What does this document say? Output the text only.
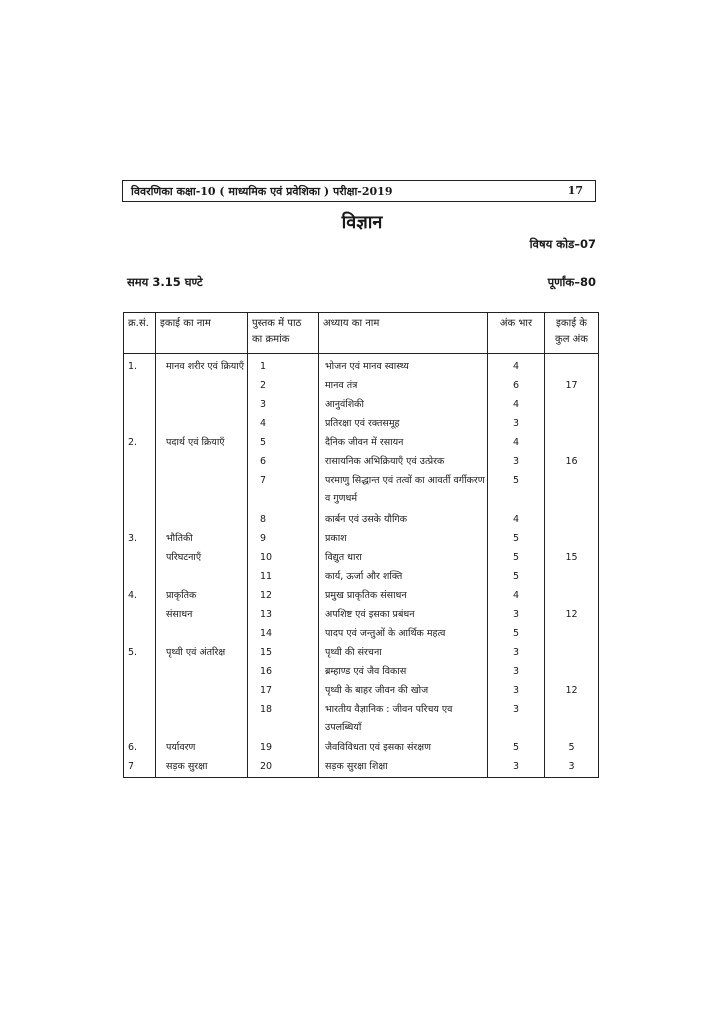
विवरणिका कक्षा-10 ( माध्यमिक एवं प्रवेशिका ) परीक्षा-2019	17
विज्ञान
विषय कोड–07
समय 3.15 घण्टे	पूर्णांक–80
क्र.सं.	इकाई का नाम	पुस्तक में पाठ का क्रमांक	अध्याय का नाम	अंक भार	इकाई के कुल अंक
1.	मानव शरीर एवं क्रियाएँ	1	भोजन एवं मानव स्वास्थ्य	4	
		2	मानव तंत्र	6	17
		3	आनुवंशिकी	4	
		4	प्रतिरक्षा एवं रक्तसमूह	3	
2.	पदार्थ एवं क्रियाएँ	5	दैनिक जीवन में रसायन	4	
		6	रासायनिक अभिक्रियाएँ एवं उत्प्रेरक	3	16
		7	परमाणु सिद्धान्त एवं तत्वों का आवर्ती वर्गीकरण व गुणधर्म	5	
		8	कार्बन एवं उसके यौगिक	4	
3.	भौतिकी	9	प्रकाश	5	
	परिघटनाएँ	10	विद्युत धारा	5	15
		11	कार्य, ऊर्जा और शक्ति	5	
4.	प्राकृतिक	12	प्रमुख प्राकृतिक संसाधन	4	
	संसाधन	13	अपशिष्ट एवं इसका प्रबंधन	3	12
		14	पादप एवं जन्तुओं के आर्थिक महत्व	5	
5.	पृथ्वी एवं अंतरिक्ष	15	पृथ्वी की संरचना	3	
		16	ब्रम्हाण्ड एवं जैव विकास	3	
		17	पृथ्वी के बाहर जीवन की खोज	3	12
		18	भारतीय वैज्ञानिक : जीवन परिचय एव उपलब्धियाँ	3	
6.	पर्यावरण	19	जैवविविधता एवं इसका संरक्षण	5	5
7	सड़क सुरक्षा	20	सड़क सुरक्षा शिक्षा	3	3
